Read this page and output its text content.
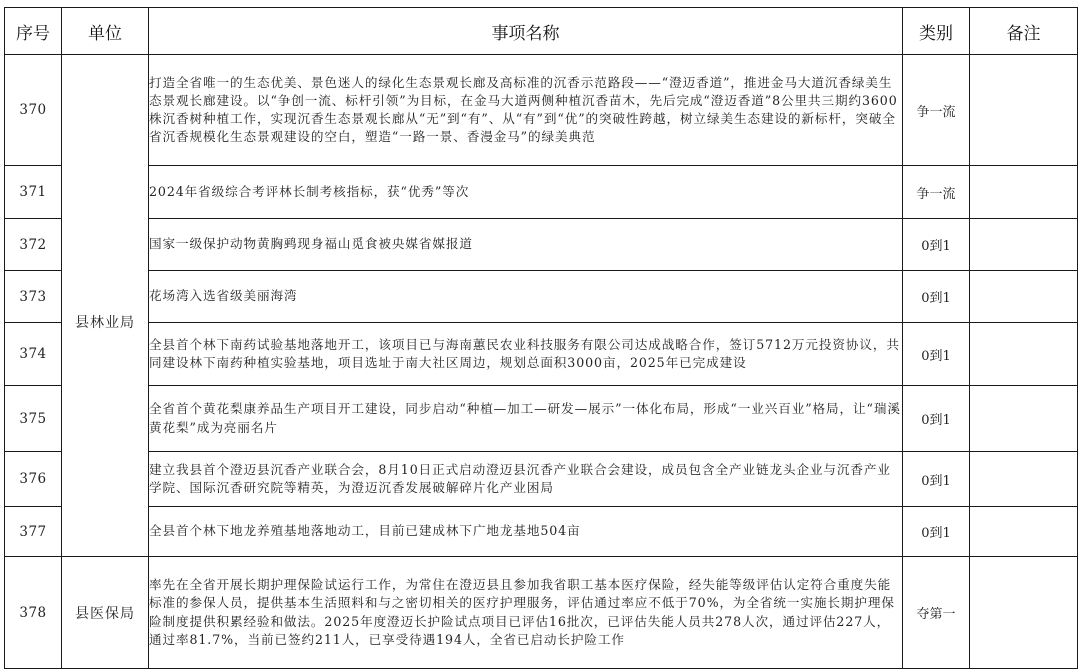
序号	单位	事项名称	类别	备注
370	县林业局	打造全省唯一的生态优美、景色迷人的绿化生态景观长廊及高标准的沉香示范路段——“澄迈香道”，推进金马大道沉香绿美生态景观长廊建设。以“争创一流、标杆引领”为目标，在金马大道两侧种植沉香苗木，先后完成“澄迈香道”8公里共三期约3600株沉香树种植工作，实现沉香生态景观长廊从“无”到“有”、从“有”到“优”的突破性跨越，树立绿美生态建设的新标杆，突破全省沉香规模化生态景观建设的空白，塑造“一路一景、香漫金马”的绿美典范	争一流	
371		2024年省级综合考评林长制考核指标，获“优秀”等次	争一流	
372		国家一级保护动物黄胸鹀现身福山觅食被央媒省媒报道	0到1	
373		花场湾入选省级美丽海湾	0到1	
374		全县首个林下南药试验基地落地开工，该项目已与海南蕙民农业科技服务有限公司达成战略合作，签订5712万元投资协议，共同建设林下南药种植实验基地，项目选址于南大社区周边，规划总面积3000亩，2025年已完成建设	0到1	
375		全省首个黄花梨康养品生产项目开工建设，同步启动“种植—加工—研发—展示”一体化布局，形成“一业兴百业”格局，让“瑞溪黄花梨”成为亮丽名片	0到1	
376		建立我县首个澄迈县沉香产业联合会，8月10日正式启动澄迈县沉香产业联合会建设，成员包含全产业链龙头企业与沉香产业学院、国际沉香研究院等精英，为澄迈沉香发展破解碎片化产业困局	0到1	
377		全县首个林下地龙养殖基地落地动工，目前已建成林下广地龙基地504亩	0到1	
378	县医保局	率先在全省开展长期护理保险试运行工作，为常住在澄迈县且参加我省职工基本医疗保险，经失能等级评估认定符合重度失能标准的参保人员，提供基本生活照料和与之密切相关的医疗护理服务，评估通过率应不低于70%，为全省统一实施长期护理保险制度提供积累经验和做法。2025年度澄迈长护险试点项目已评估16批次，已评估失能人员共278人次，通过评估227人，通过率81.7%，当前已签约211人，已享受待遇194人，全省已启动长护险工作	夺第一	
